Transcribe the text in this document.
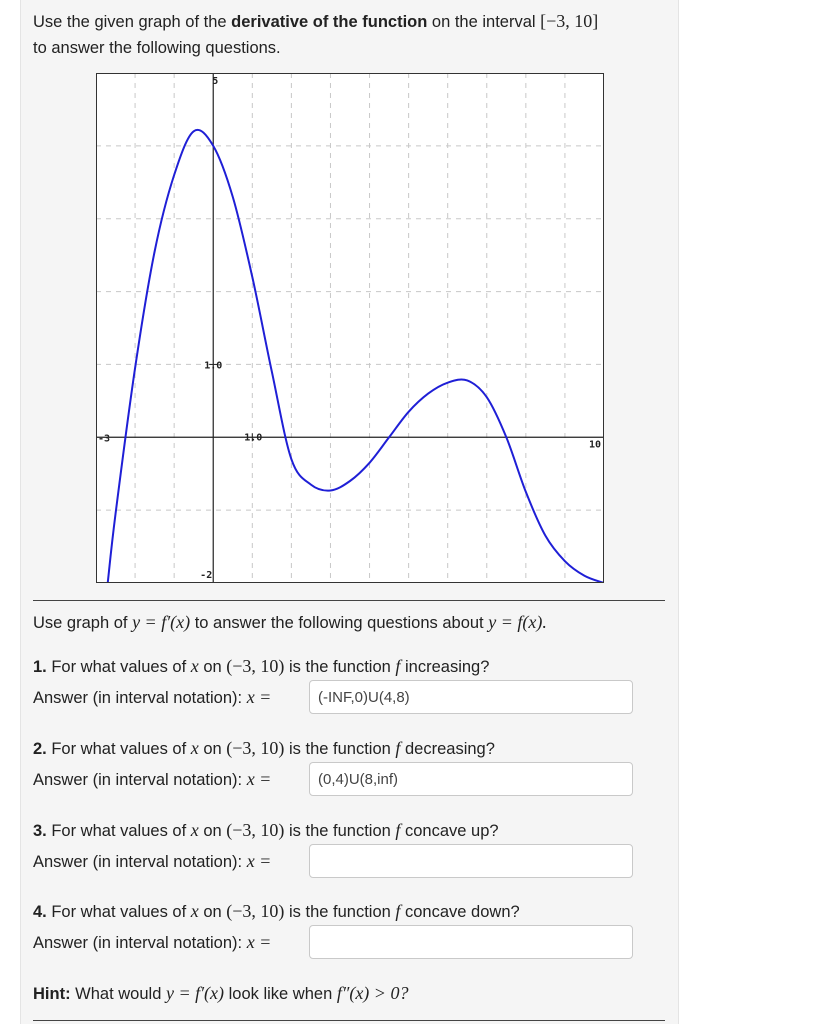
Use the given graph of the derivative of the function on the interval [−3, 10]
to answer the following questions.
-3
10
5
-2
1.0
1.0
Use graph of y = f′(x) to answer the following questions about y = f(x).
1. For what values of x on (−3, 10) is the function f increasing?
Answer (in interval notation): x =
(-INF,0)U(4,8)
2. For what values of x on (−3, 10) is the function f decreasing?
Answer (in interval notation): x =
(0,4)U(8,inf)
3. For what values of x on (−3, 10) is the function f concave up?
Answer (in interval notation): x =
4. For what values of x on (−3, 10) is the function f concave down?
Answer (in interval notation): x =
Hint: What would y = f′(x) look like when f″(x) > 0?
